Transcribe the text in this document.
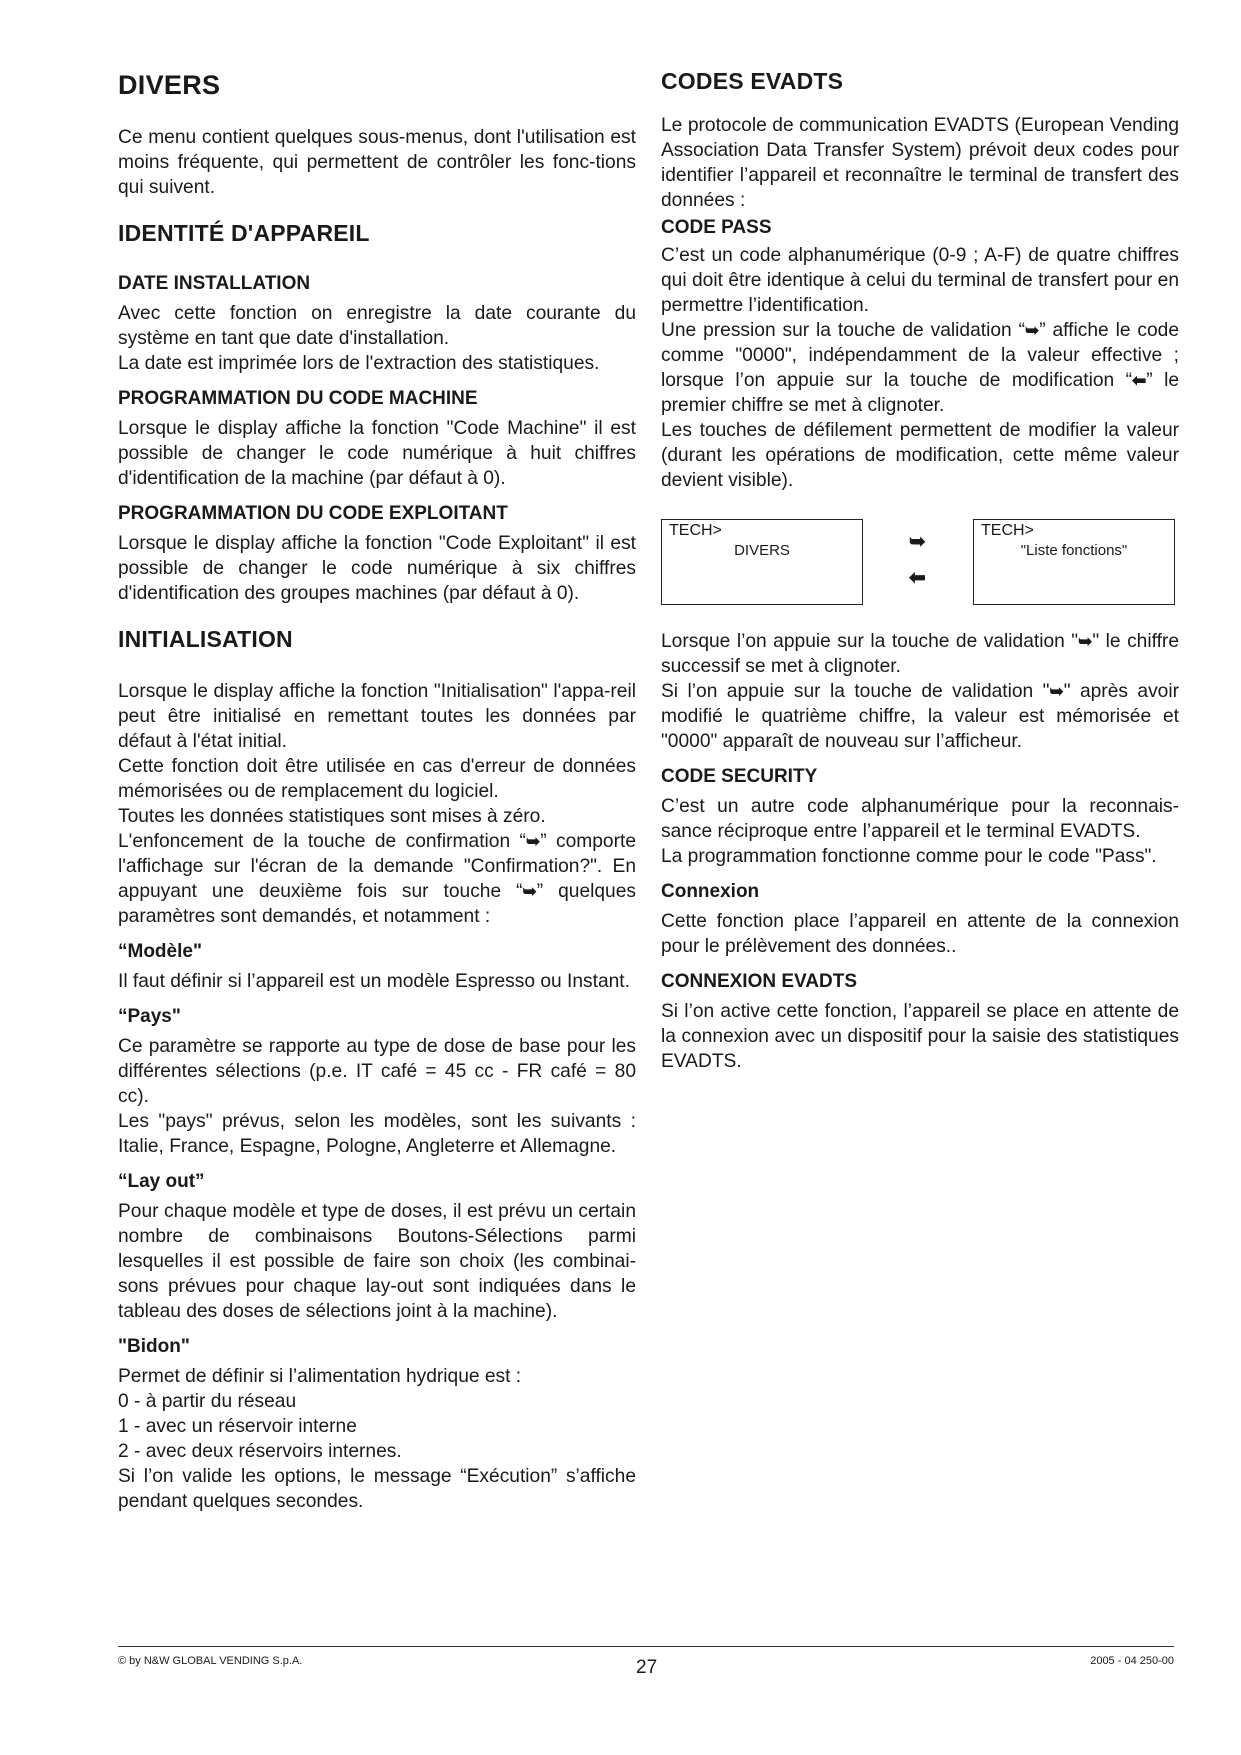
DIVERS

Ce menu contient quelques sous-menus, dont l'utilisation est moins fréquente, qui permettent de contrôler les fonc-tions qui suivent.

IDENTITÉ D'APPAREIL
DATE INSTALLATION

Avec cette fonction on enregistre la date courante du système en tant que date d'installation.

La date est imprimée lors de l'extraction des statistiques.

PROGRAMMATION DU CODE MACHINE

Lorsque le display affiche la fonction "Code Machine" il est possible de changer le code numérique à huit chiffres d'identification de la machine (par défaut à 0).

PROGRAMMATION DU CODE EXPLOITANT

Lorsque le display affiche la fonction "Code Exploitant" il est possible de changer le code numérique à six chiffres d'identification des groupes machines (par défaut à 0).

INITIALISATION

Lorsque le display affiche la fonction "Initialisation" l'appa-reil peut être initialisé en remettant toutes les données par défaut à l'état initial.

Cette fonction doit être utilisée en cas d'erreur de données mémorisées ou de remplacement du logiciel.

Toutes les données statistiques sont mises à zéro.

L'enfoncement de la touche de confirmation “➥” comporte l'affichage sur l'écran de la demande "Confirmation?". En appuyant une deuxième fois sur touche “➥” quelques paramètres sont demandés, et notamment :

“Modèle"

Il faut définir si l’appareil est un modèle Espresso ou Instant.

“Pays"

Ce paramètre se rapporte au type de dose de base pour les différentes sélections (p.e. IT café = 45 cc - FR café = 80 cc).

Les "pays" prévus, selon les modèles, sont les suivants : Italie, France, Espagne, Pologne, Angleterre et Allemagne.

“Lay out”

Pour chaque modèle et type de doses, il est prévu un certain nombre de combinaisons Boutons-Sélections parmi lesquelles il est possible de faire son choix (les combinai-sons prévues pour chaque lay-out sont indiquées dans le tableau des doses de sélections joint à la machine).

"Bidon"

Permet de définir si l’alimentation hydrique est :

0 - à partir du réseau

1 - avec un réservoir interne

2 - avec deux réservoirs internes.

Si l’on valide les options, le message “Exécution” s’affiche pendant quelques secondes.

CODES EVADTS

Le protocole de communication EVADTS (European Vending Association Data Transfer System) prévoit deux codes pour identifier l’appareil et reconnaître le terminal de transfert des données :

CODE PASS

C’est un code alphanumérique (0-9 ; A-F) de quatre chiffres qui doit être identique à celui du terminal de transfert pour en permettre l’identification.

Une pression sur la touche de validation “➥” affiche le code comme "0000", indépendamment de la valeur effective ; lorsque l’on appuie sur la touche de modification “⬅” le premier chiffre se met à clignoter.

Les touches de défilement permettent de modifier la valeur (durant les opérations de modification, cette même valeur devient visible).

TECH>
DIVERS	➥
⬅
TECH>
"Liste fonctions"

Lorsque l’on appuie sur la touche de validation "➥" le chiffre successif se met à clignoter.

Si l’on appuie sur la touche de validation "➥" après avoir modifié le quatrième chiffre, la valeur est mémorisée et "0000" apparaît de nouveau sur l’afficheur.

CODE SECURITY

C’est un autre code alphanumérique pour la reconnais-sance réciproque entre l’appareil et le terminal EVADTS.

La programmation fonctionne comme pour le code "Pass".

Connexion

Cette fonction place l’appareil en attente de la connexion pour le prélèvement des données..

CONNEXION EVADTS

Si l’on active cette fonction, l’appareil se place en attente de la connexion avec un dispositif pour la saisie des statistiques EVADTS.

© by N&W GLOBAL VENDING S.p.A.	27	2005 - 04 250-00
